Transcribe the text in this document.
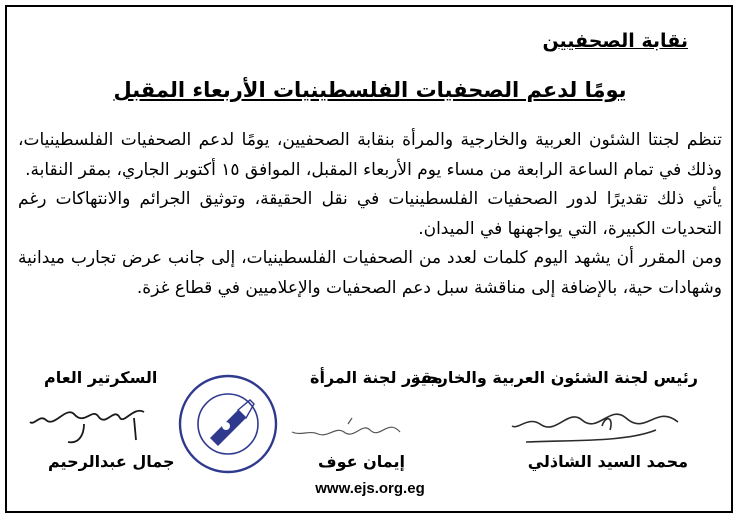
نقابة الصحفيين
يومًا لدعم الصحفيات الفلسطينيات الأربعاء المقبل

تنظم لجنتا الشئون العربية والخارجية والمرأة بنقابة الصحفيين، يومًا لدعم الصحفيات الفلسطينيات، وذلك في تمام الساعة الرابعة من مساء يوم الأربعاء المقبل، الموافق ١٥ أكتوبر الجاري، بمقر النقابة.

يأتي ذلك تقديرًا لدور الصحفيات الفلسطينيات في نقل الحقيقة، وتوثيق الجرائم والانتهاكات رغم التحديات الكبيرة، التي يواجهنها في الميدان.

ومن المقرر أن يشهد اليوم كلمات لعدد من الصحفيات الفلسطينيات، إلى جانب عرض تجارب ميدانية وشهادات حية، بالإضافة إلى مناقشة سبل دعم الصحفيات والإعلاميين في قطاع غزة.

رئيس لجنة الشئون العربية والخارجية
مقرر لجنة المرأة
السكرتير العام
محمد السيد الشاذلي
إيمان عوف
جمال عبدالرحيم
www.ejs.org.eg
